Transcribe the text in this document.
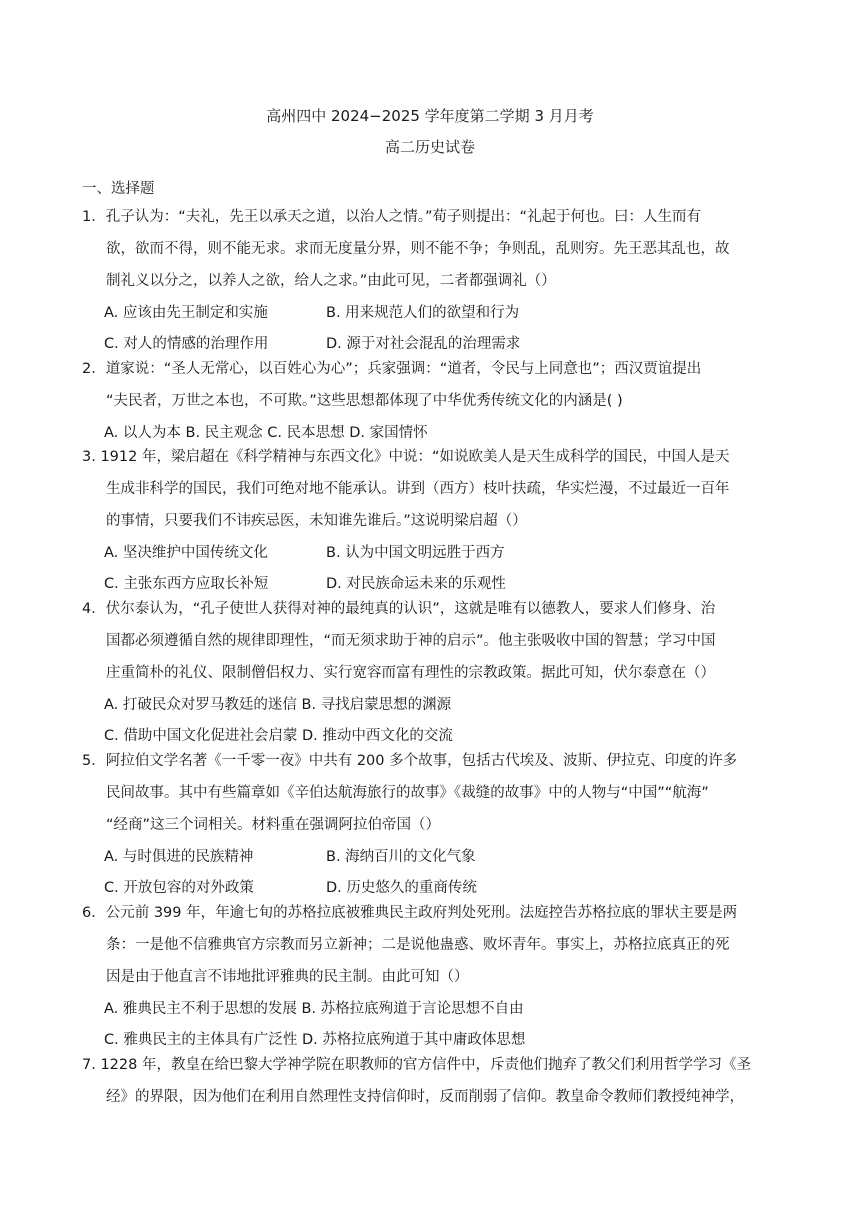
高州四中 2024−2025 学年度第二学期 3 月月考
高二历史试卷
一、选择题
1．孔子认为：“夫礼，先王以承天之道，以治人之情。”荀子则提出：“礼起于何也。曰：人生而有
欲，欲而不得，则不能无求。求而无度量分界，则不能不争；争则乱，乱则穷。先王恶其乱也，故
制礼义以分之，以养人之欲，给人之求。”由此可见，二者都强调礼（）
A. 应该由先王制定和实施	B. 用来规范人们的欲望和行为
C. 对人的情感的治理作用	D. 源于对社会混乱的治理需求
2．道家说：“圣人无常心，以百姓心为心”；兵家强调：“道者，令民与上同意也”；西汉贾谊提出
“夫民者，万世之本也，不可欺。”这些思想都体现了中华优秀传统文化的内涵是( )
A. 以人为本 B. 民主观念 C. 民本思想 D. 家国情怀
3. 1912 年，梁启超在《科学精神与东西文化》中说：“如说欧美人是天生成科学的国民，中国人是天
生成非科学的国民，我们可绝对地不能承认。讲到（西方）枝叶扶疏，华实烂漫，不过最近一百年
的事情，只要我们不讳疾忌医，未知谁先谁后。”这说明梁启超（）
A. 坚决维护中国传统文化	B. 认为中国文明远胜于西方
C. 主张东西方应取长补短	D. 对民族命运未来的乐观性
4．伏尔泰认为，“孔子使世人获得对神的最纯真的认识”，这就是唯有以德教人，要求人们修身、治
国都必须遵循自然的规律即理性，“而无须求助于神的启示”。他主张吸收中国的智慧；学习中国
庄重简朴的礼仪、限制僧侣权力、实行宽容而富有理性的宗教政策。据此可知，伏尔泰意在（）
A. 打破民众对罗马教廷的迷信 B. 寻找启蒙思想的渊源
C. 借助中国文化促进社会启蒙 D. 推动中西文化的交流
5．阿拉伯文学名著《一千零一夜》中共有 200 多个故事，包括古代埃及、波斯、伊拉克、印度的许多
民间故事。其中有些篇章如《辛伯达航海旅行的故事》《裁缝的故事》中的人物与“中国”“航海”
“经商”这三个词相关。材料重在强调阿拉伯帝国（）
A. 与时俱进的民族精神	B. 海纳百川的文化气象
C. 开放包容的对外政策	D. 历史悠久的重商传统
6．公元前 399 年，年逾七旬的苏格拉底被雅典民主政府判处死刑。法庭控告苏格拉底的罪状主要是两
条：一是他不信雅典官方宗教而另立新神；二是说他蛊惑、败坏青年。事实上，苏格拉底真正的死
因是由于他直言不讳地批评雅典的民主制。由此可知（）
A. 雅典民主不利于思想的发展 B. 苏格拉底殉道于言论思想不自由
C. 雅典民主的主体具有广泛性 D. 苏格拉底殉道于其中庸政体思想
7. 1228 年，教皇在给巴黎大学神学院在职教师的官方信件中，斥责他们抛弃了教父们利用哲学学习《圣
经》的界限，因为他们在利用自然理性支持信仰时，反而削弱了信仰。教皇命令教师们教授纯神学，
